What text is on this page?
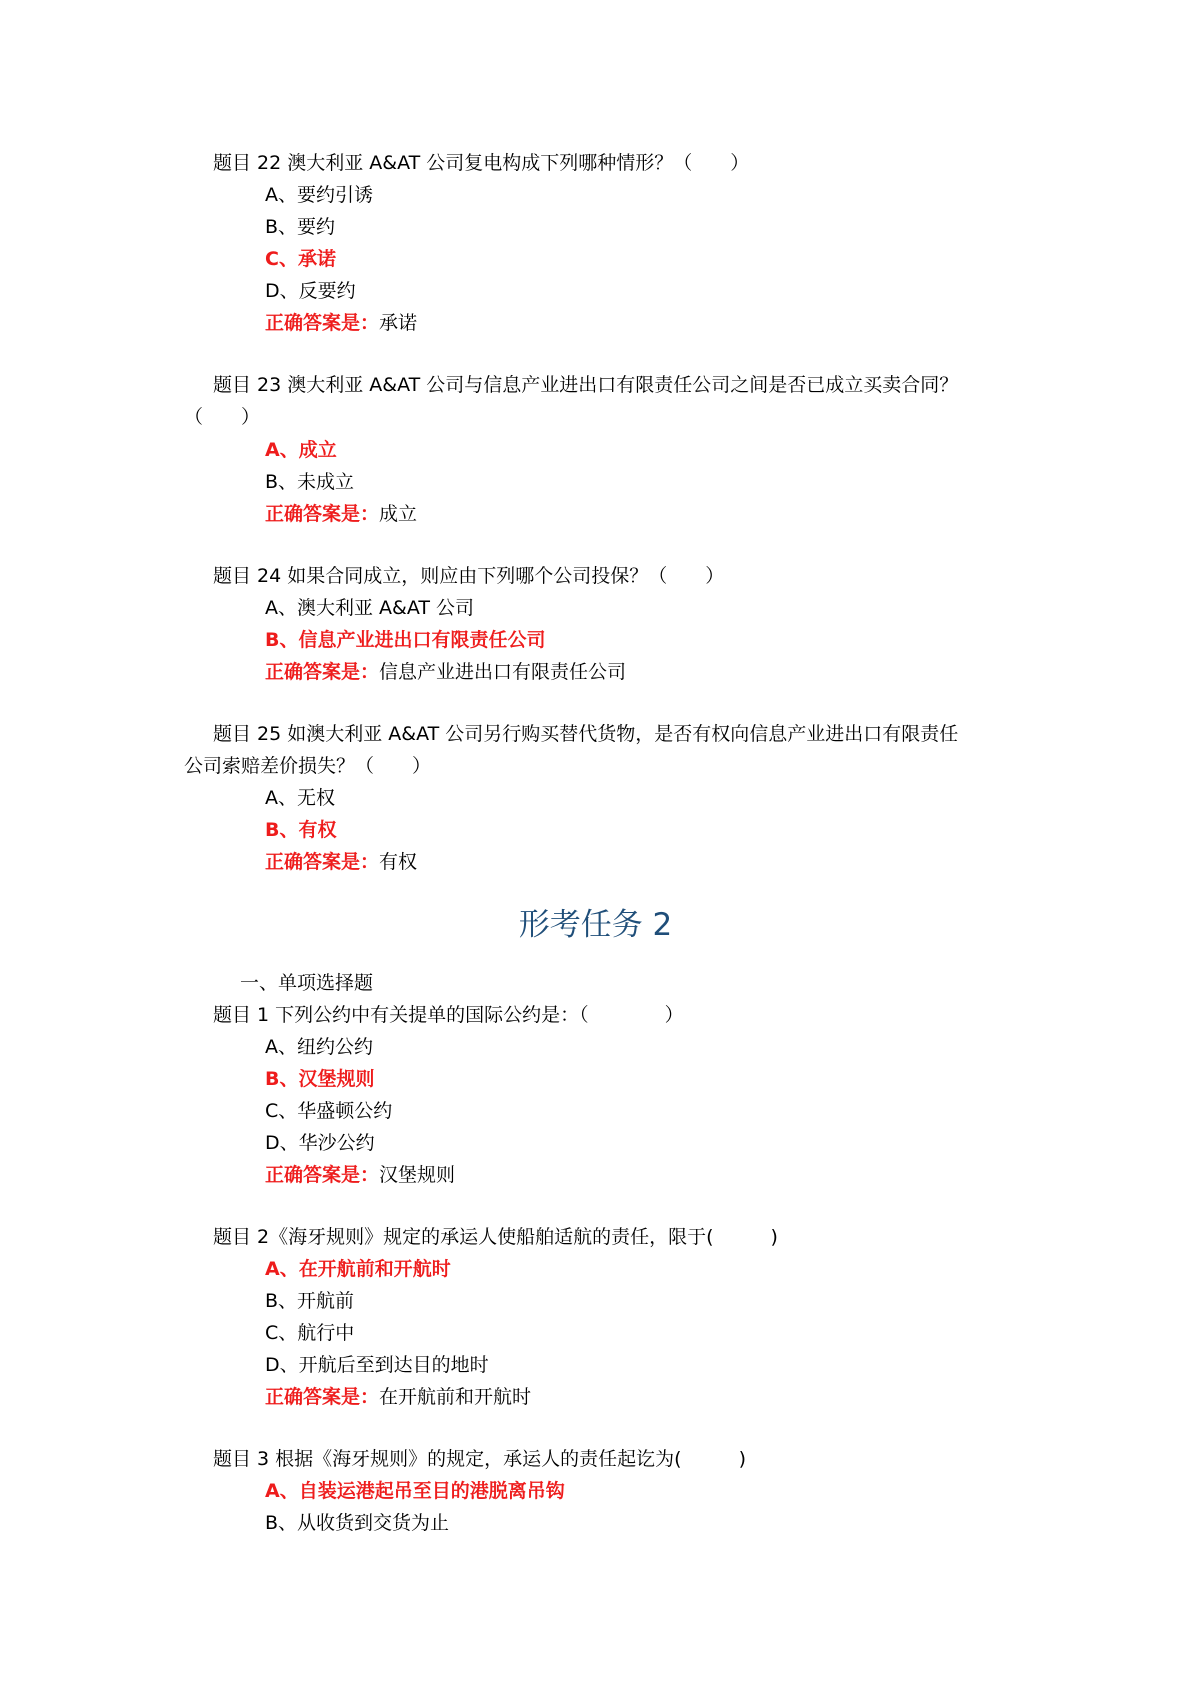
题目 22 澳大利亚 A&AT 公司复电构成下列哪种情形？（　　）
A、要约引诱
B、要约
C、承诺
D、反要约
正确答案是：承诺
题目 23 澳大利亚 A&AT 公司与信息产业进出口有限责任公司之间是否已成立买卖合同？
（　　）
A、成立
B、未成立
正确答案是：成立
题目 24 如果合同成立，则应由下列哪个公司投保？（　　）
A、澳大利亚 A&AT 公司
B、信息产业进出口有限责任公司
正确答案是：信息产业进出口有限责任公司
题目 25 如澳大利亚 A&AT 公司另行购买替代货物，是否有权向信息产业进出口有限责任
公司索赔差价损失？（　　）
A、无权
B、有权
正确答案是：有权
形考任务 2
一、单项选择题
题目 1 下列公约中有关提单的国际公约是：（　　　　）
A、纽约公约
B、汉堡规则
C、华盛顿公约
D、华沙公约
正确答案是：汉堡规则
题目 2《海牙规则》规定的承运人使船舶适航的责任，限于(　　　)
A、在开航前和开航时
B、开航前
C、航行中
D、开航后至到达目的地时
正确答案是：在开航前和开航时
题目 3 根据《海牙规则》的规定，承运人的责任起讫为(　　　)
A、自装运港起吊至目的港脱离吊钩
B、从收货到交货为止
